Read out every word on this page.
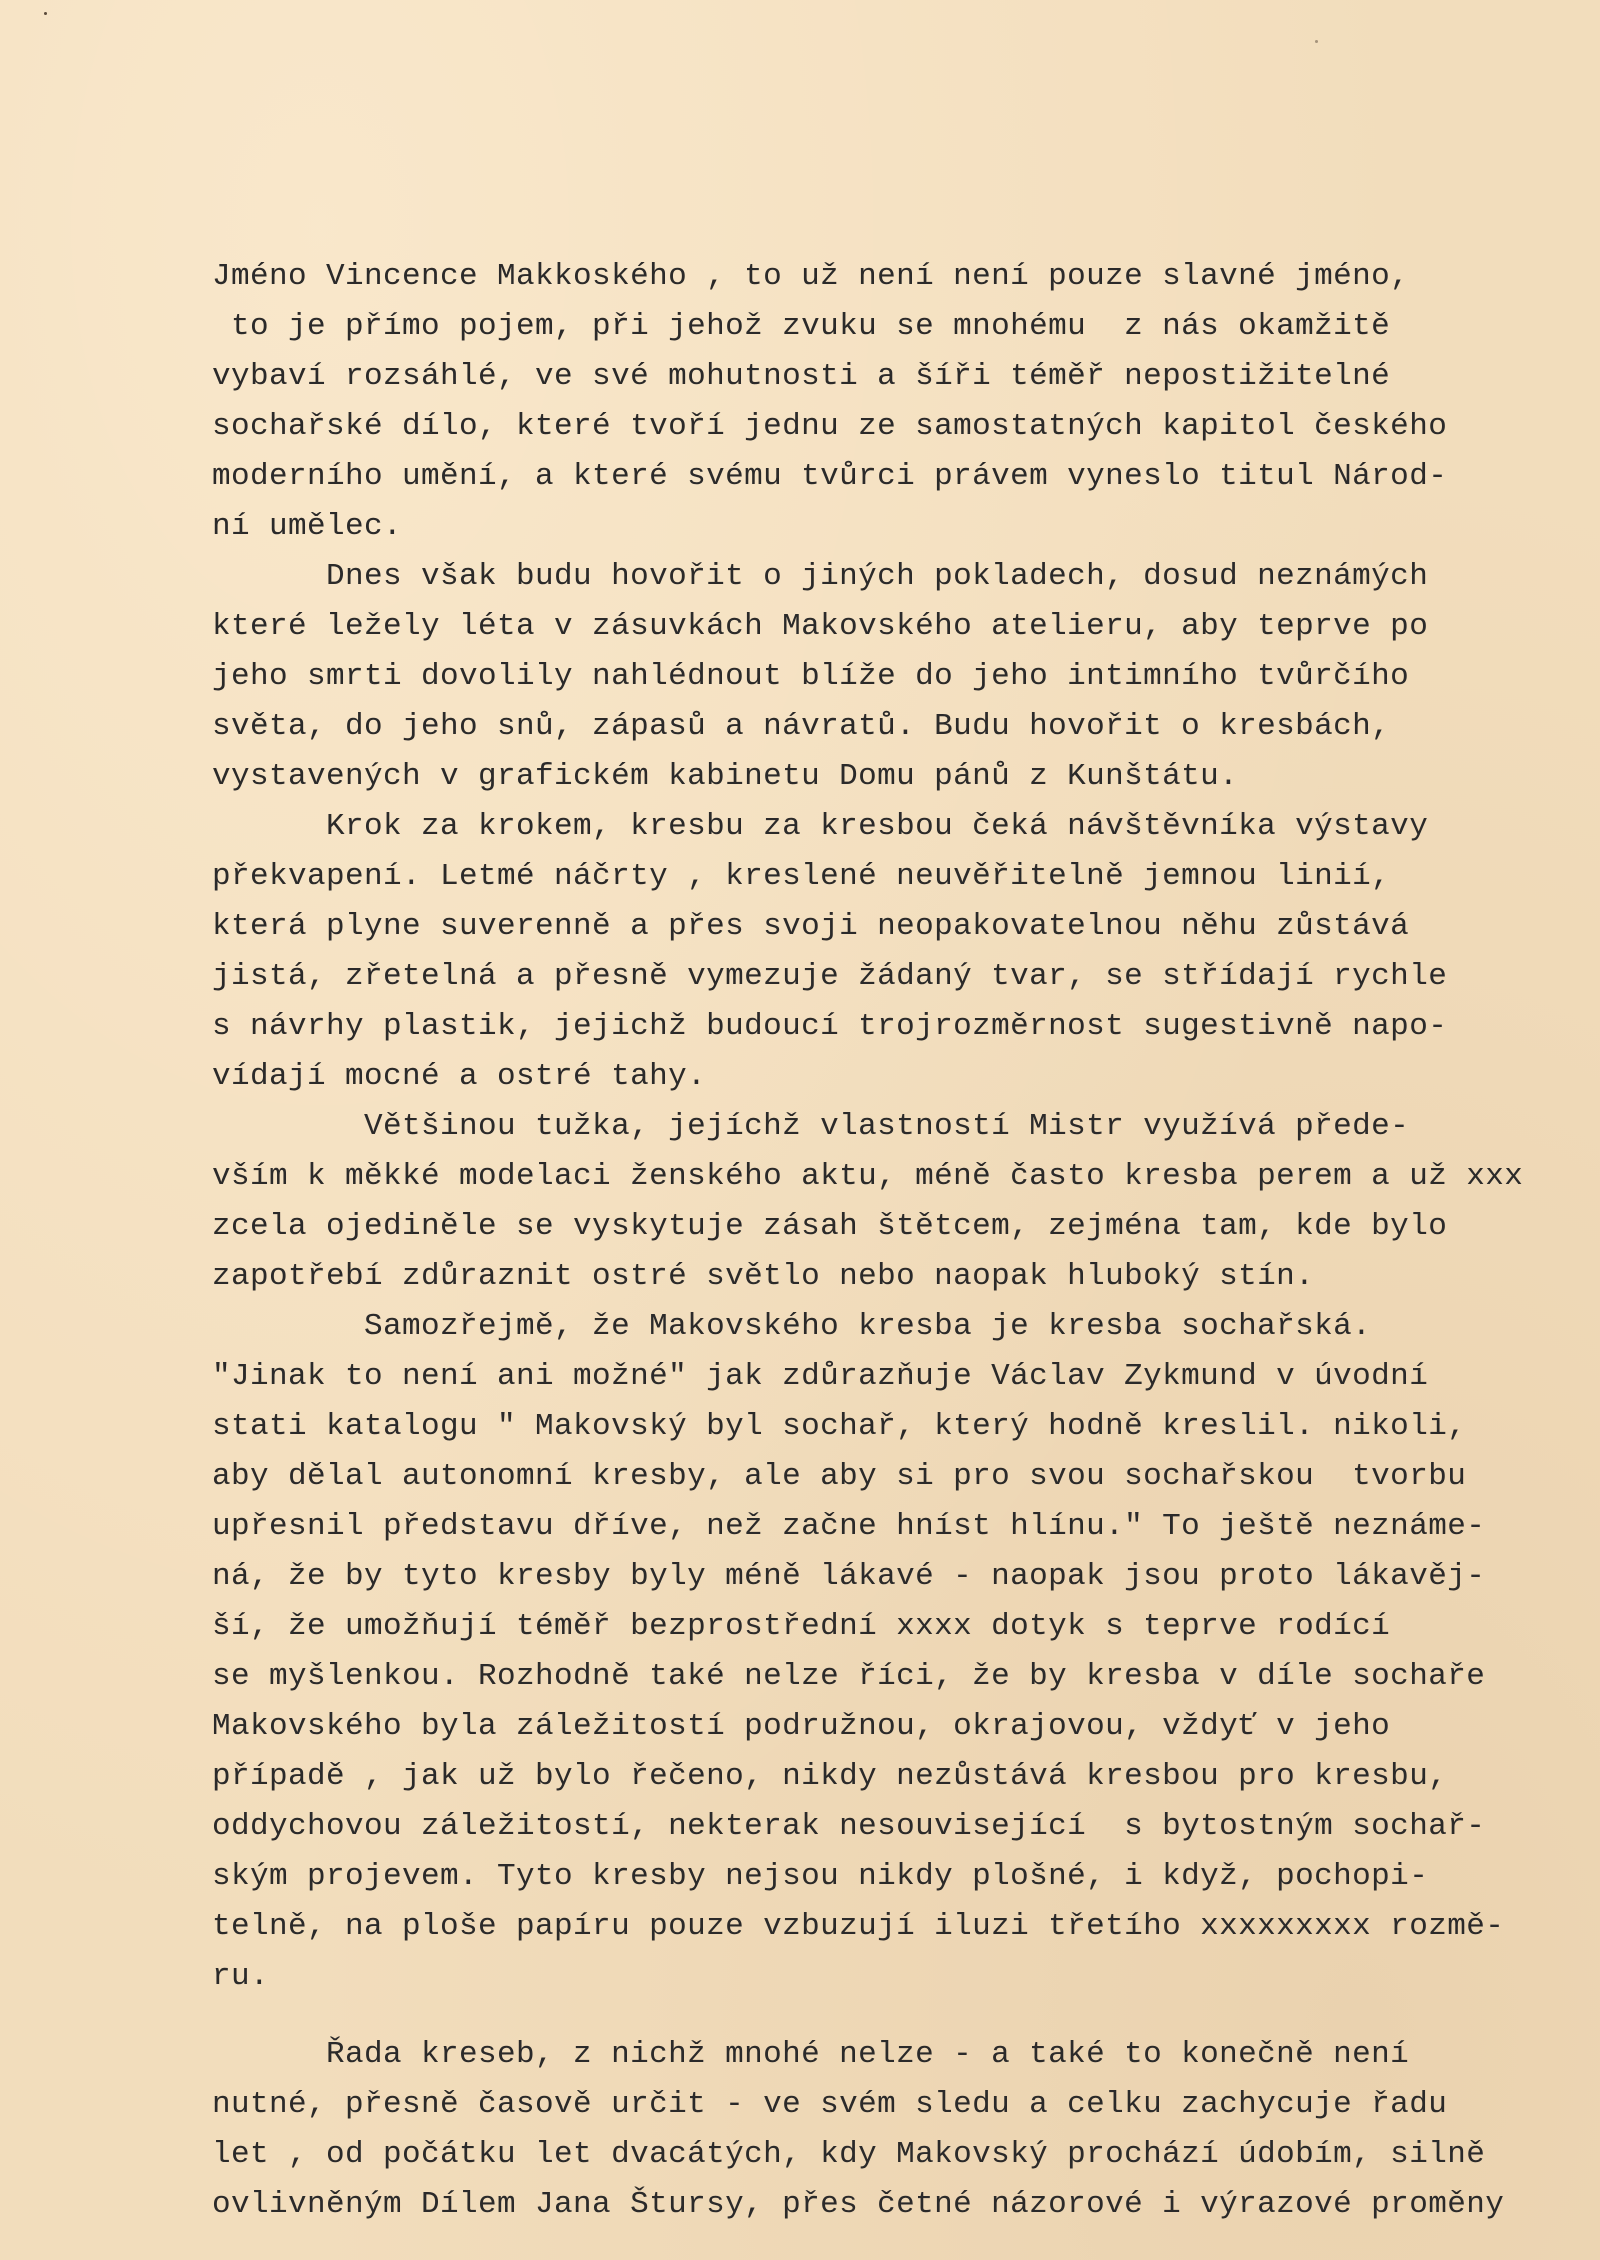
Jméno Vincence Makkoského , to už není není pouze slavné jméno,
to je přímo pojem, při jehož zvuku se mnohému  z nás okamžitě
vybaví rozsáhlé, ve své mohutnosti a šíři téměř nepostižitelné
sochařské dílo, které tvoří jednu ze samostatných kapitol českého
moderního umění, a které svému tvůrci právem vyneslo titul Národ-
ní umělec.
Dnes však budu hovořit o jiných pokladech, dosud neznámých
které ležely léta v zásuvkách Makovského atelieru, aby teprve po
jeho smrti dovolily nahlédnout blíže do jeho intimního tvůrčího
světa, do jeho snů, zápasů a návratů. Budu hovořit o kresbách,
vystavených v grafickém kabinetu Domu pánů z Kunštátu.
Krok za krokem, kresbu za kresbou čeká návštěvníka výstavy
překvapení. Letmé náčrty , kreslené neuvěřitelně jemnou linií,
která plyne suverenně a přes svoji neopakovatelnou něhu zůstává
jistá, zřetelná a přesně vymezuje žádaný tvar, se střídají rychle
s návrhy plastik, jejichž budoucí trojrozměrnost sugestivně napo-
vídají mocné a ostré tahy.
Většinou tužka, jejíchž vlastností Mistr využívá přede-
vším k měkké modelaci ženského aktu, méně často kresba perem a už xxx
zcela ojediněle se vyskytuje zásah štětcem, zejména tam, kde bylo
zapotřebí zdůraznit ostré světlo nebo naopak hluboký stín.
Samozřejmě, že Makovského kresba je kresba sochařská.
"Jinak to není ani možné" jak zdůrazňuje Václav Zykmund v úvodní
stati katalogu " Makovský byl sochař, který hodně kreslil. nikoli,
aby dělal autonomní kresby, ale aby si pro svou sochařskou  tvorbu
upřesnil představu dříve, než začne hníst hlínu." To ještě neznáme-
ná, že by tyto kresby byly méně lákavé - naopak jsou proto lákavěj-
ší, že umožňují téměř bezprostřední xxxx dotyk s teprve rodící
se myšlenkou. Rozhodně také nelze říci, že by kresba v díle sochaře
Makovského byla záležitostí podružnou, okrajovou, vždyť v jeho
případě , jak už bylo řečeno, nikdy nezůstává kresbou pro kresbu,
oddychovou záležitostí, nekterak nesouvisející  s bytostným sochař-
ským projevem. Tyto kresby nejsou nikdy plošné, i když, pochopi-
telně, na ploše papíru pouze vzbuzují iluzi třetího xxxxxxxxx rozmě-
ru.
Řada kreseb, z nichž mnohé nelze - a také to konečně není
nutné, přesně časově určit - ve svém sledu a celku zachycuje řadu
let , od počátku let dvacátých, kdy Makovský prochází údobím, silně
ovlivněným Dílem Jana Štursy, přes četné názorové i výrazové proměny
